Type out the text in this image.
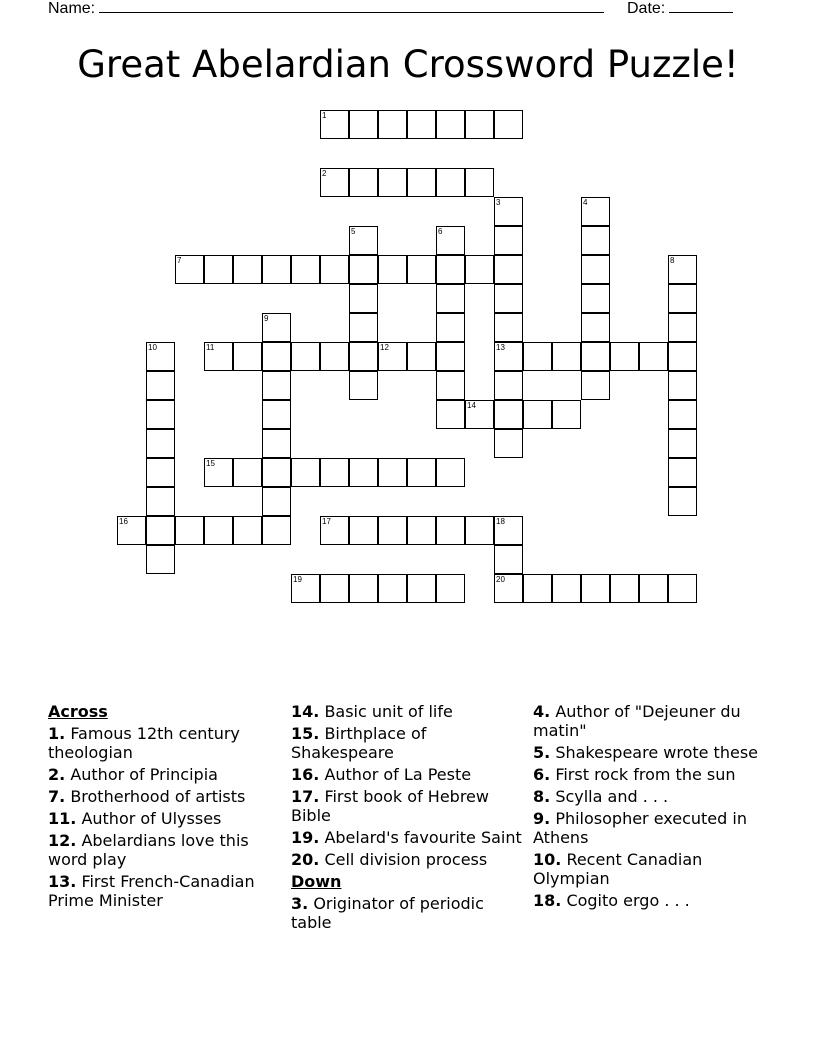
Name:	Date:
Great Abelardian Crossword Puzzle!
1
2
3	4
5	6
7	8
9
10	11	12	13
14
15
16	17	18
19	20
Across
1. Famous 12th century theologian
2. Author of Principia
7. Brotherhood of artists
11. Author of Ulysses
12. Abelardians love this word play
13. First French-Canadian Prime Minister
14. Basic unit of life
15. Birthplace of Shakespeare
16. Author of La Peste
17. First book of Hebrew Bible
19. Abelard's favourite Saint
20. Cell division process
Down
3. Originator of periodic table
4. Author of "Dejeuner du matin"
5. Shakespeare wrote these
6. First rock from the sun
8. Scylla and . . .
9. Philosopher executed in Athens
10. Recent Canadian Olympian
18. Cogito ergo . . .
